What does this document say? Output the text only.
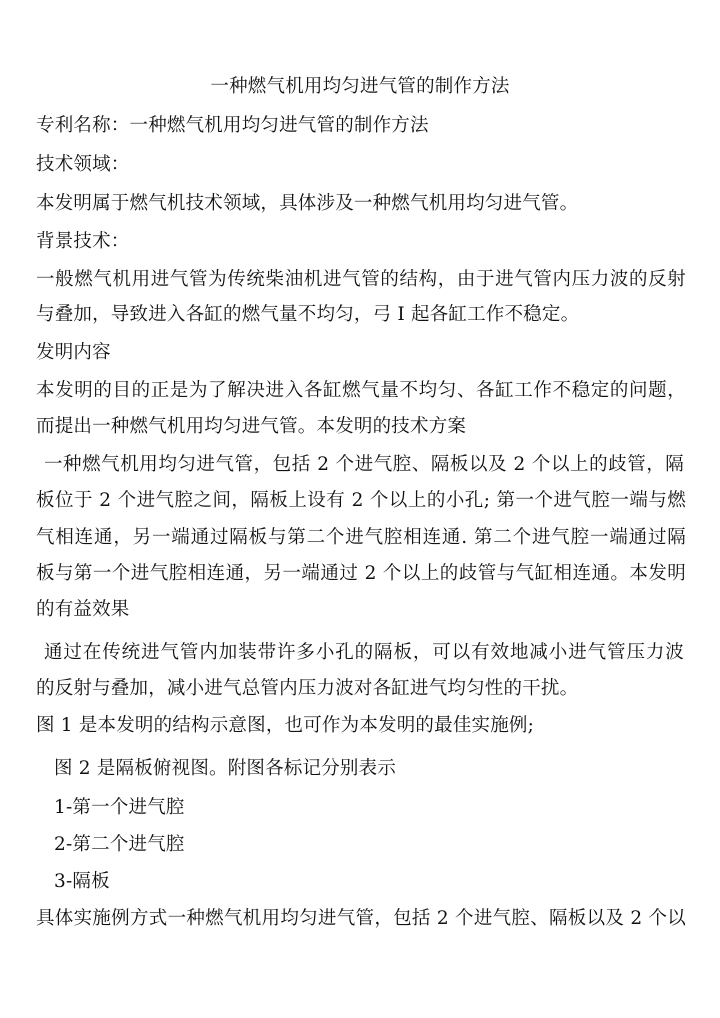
一种燃气机用均匀进气管的制作方法
专利名称：一种燃气机用均匀进气管的制作方法
技术领域：
本发明属于燃气机技术领域，具体涉及一种燃气机用均匀进气管。
背景技术：
一般燃气机用进气管为传统柴油机进气管的结构，由于进气管内压力波的反射
与叠加，导致进入各缸的燃气量不均匀，弓 I 起各缸工作不稳定。
发明内容
本发明的目的正是为了解决进入各缸燃气量不均匀、各缸工作不稳定的问题，
而提出一种燃气机用均匀进气管。本发明的技术方案
一种燃气机用均匀进气管，包括 2 个进气腔、隔板以及 2 个以上的歧管，隔
板位于 2 个进气腔之间，隔板上设有 2 个以上的小孔; 第一个进气腔一端与燃
气相连通，另一端通过隔板与第二个进气腔相连通. 第二个进气腔一端通过隔
板与第一个进气腔相连通，另一端通过 2 个以上的歧管与气缸相连通。本发明
的有益效果
通过在传统进气管内加装带许多小孔的隔板，可以有效地减小进气管压力波
的反射与叠加，减小进气总管内压力波对各缸进气均匀性的干扰。
图 1 是本发明的结构示意图，也可作为本发明的最佳实施例;
图 2 是隔板俯视图。附图各标记分别表示
1-第一个进气腔
2-第二个进气腔
3-隔板
具体实施例方式一种燃气机用均匀进气管，包括 2 个进气腔、隔板以及 2 个以
